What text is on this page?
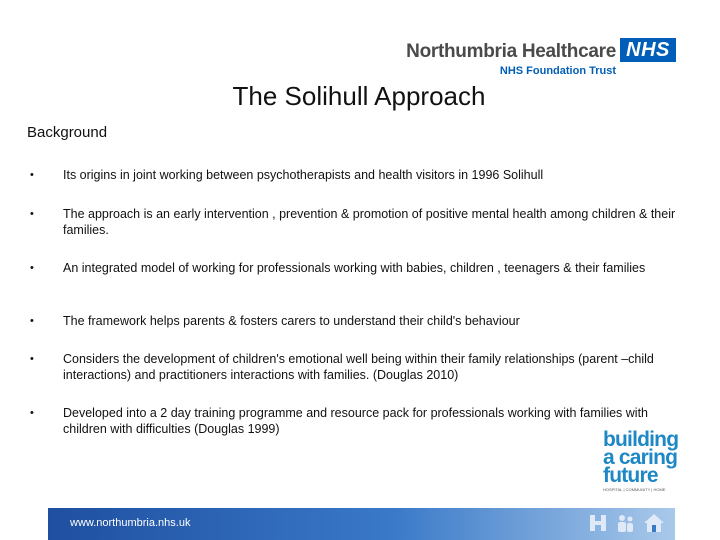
Northumbria Healthcare NHS
NHS Foundation Trust
The Solihull Approach
Background
• Its origins in joint working between psychotherapists and health visitors in 1996 Solihull
• The approach is an early intervention , prevention & promotion of positive mental health among children & their families.
• An integrated model of working for professionals working with babies, children , teenagers & their families
• The framework helps parents & fosters carers to understand their child's behaviour
• Considers the development of children's emotional well being within their family relationships (parent –child interactions) and practitioners interactions with families. (Douglas 2010)
• Developed into a 2 day training programme and resource pack for professionals working with families with children with difficulties (Douglas 1999)	building
a caring
future
HOSPITAL | COMMUNITY | HOME
www.northumbria.nhs.uk
